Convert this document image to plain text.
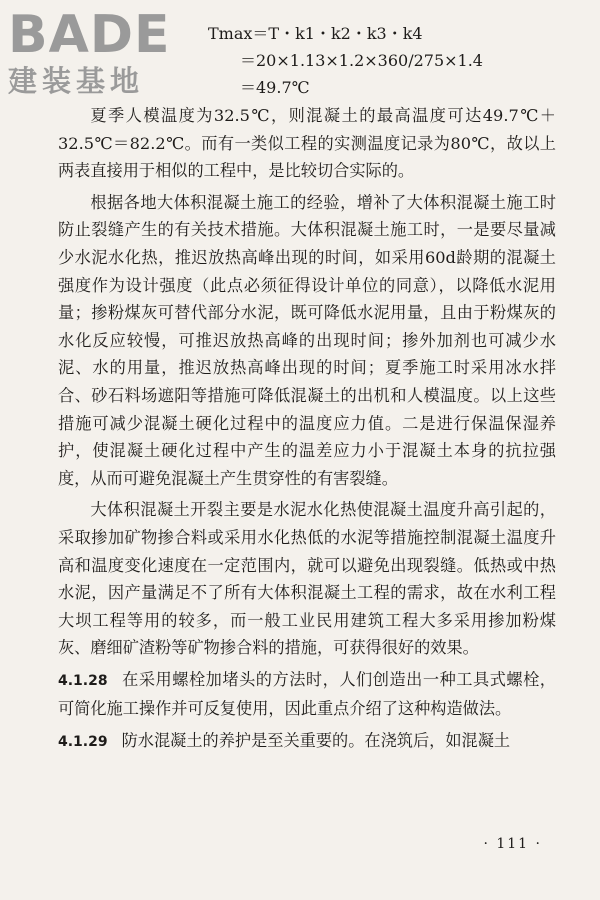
BADE
建装基地
Tmax＝T・k1・k2・k3・k4
＝20×1.13×1.2×360/275×1.4
＝49.7℃

夏季人模温度为32.5℃，则混凝土的最高温度可达49.7℃＋32.5℃＝82.2℃。而有一类似工程的实测温度记录为80℃，故以上两表直接用于相似的工程中，是比较切合实际的。

根据各地大体积混凝土施工的经验，增补了大体积混凝土施工时防止裂缝产生的有关技术措施。大体积混凝土施工时，一是要尽量减少水泥水化热，推迟放热高峰出现的时间，如采用60d龄期的混凝土强度作为设计强度（此点必须征得设计单位的同意），以降低水泥用量；掺粉煤灰可替代部分水泥，既可降低水泥用量，且由于粉煤灰的水化反应较慢，可推迟放热高峰的出现时间；掺外加剂也可减少水泥、水的用量，推迟放热高峰出现的时间；夏季施工时采用冰水拌合、砂石料场遮阳等措施可降低混凝土的出机和人模温度。以上这些措施可减少混凝土硬化过程中的温度应力值。二是进行保温保湿养护，使混凝土硬化过程中产生的温差应力小于混凝土本身的抗拉强度，从而可避免混凝土产生贯穿性的有害裂缝。

大体积混凝土开裂主要是水泥水化热使混凝土温度升高引起的，采取掺加矿物掺合料或采用水化热低的水泥等措施控制混凝土温度升高和温度变化速度在一定范围内，就可以避免出现裂缝。低热或中热水泥，因产量满足不了所有大体积混凝土工程的需求，故在水利工程大坝工程等用的较多，而一般工业民用建筑工程大多采用掺加粉煤灰、磨细矿渣粉等矿物掺合料的措施，可获得很好的效果。

4.1.28 在采用螺栓加堵头的方法时，人们创造出一种工具式螺栓，可简化施工操作并可反复使用，因此重点介绍了这种构造做法。

4.1.29 防水混凝土的养护是至关重要的。在浇筑后，如混凝土

· 111 ·
